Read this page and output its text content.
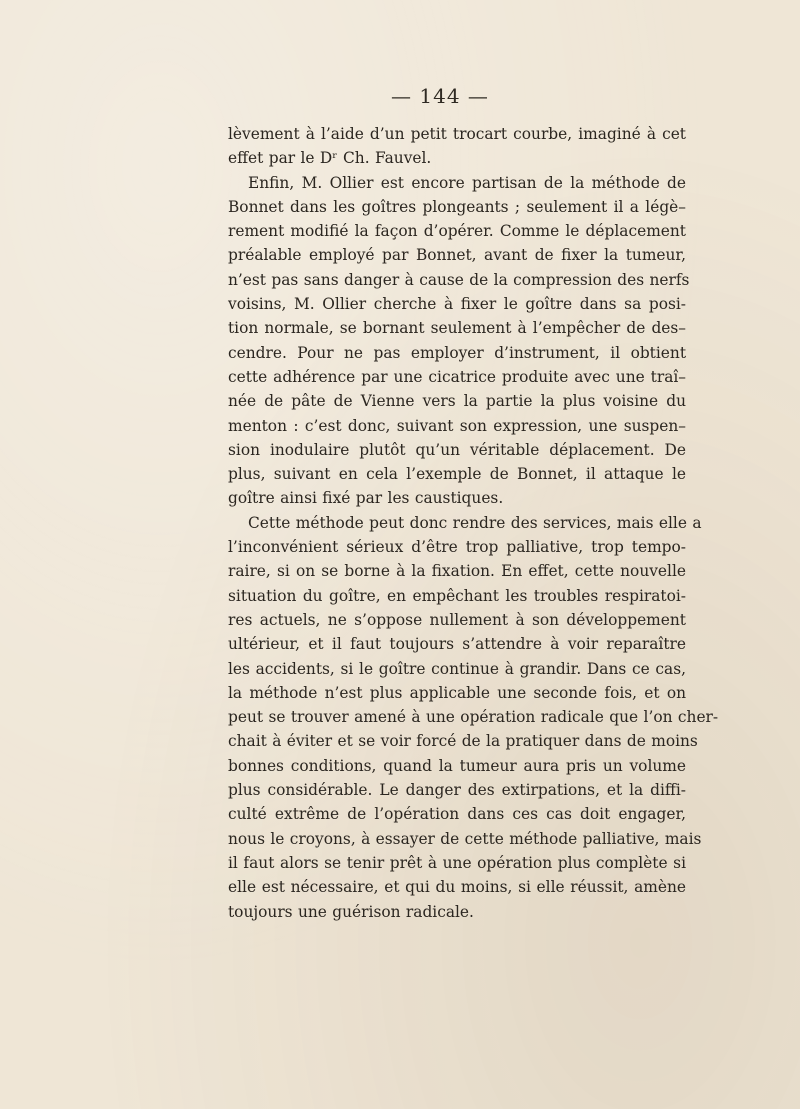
— 144 —
lèvement à l’aide d’un petit trocart courbe, imaginé à cet
effet par le Dʳ Ch. Fauvel.
Enfin, M. Ollier est encore partisan de la méthode de
Bonnet dans les goîtres plongeants ; seulement il a légè–
rement modifié la façon d’opérer. Comme le déplacement
préalable employé par Bonnet, avant de fixer la tumeur,
n’est pas sans danger à cause de la compression des nerfs
voisins, M. Ollier cherche à fixer le goître dans sa posi-
tion normale, se bornant seulement à l’empêcher de des–
cendre. Pour ne pas employer d’instrument, il obtient
cette adhérence par une cicatrice produite avec une traî–
née de pâte de Vienne vers la partie la plus voisine du
menton : c’est donc, suivant son expression, une suspen–
sion inodulaire plutôt qu’un véritable déplacement. De
plus, suivant en cela l’exemple de Bonnet, il attaque le
goître ainsi fixé par les caustiques.
Cette méthode peut donc rendre des services, mais elle a
l’inconvénient sérieux d’être trop palliative, trop tempo-
raire, si on se borne à la fixation. En effet, cette nouvelle
situation du goître, en empêchant les troubles respiratoi-
res actuels, ne s’oppose nullement à son développement
ultérieur, et il faut toujours s’attendre à voir reparaître
les accidents, si le goître continue à grandir. Dans ce cas,
la méthode n’est plus applicable une seconde fois, et on
peut se trouver amené à une opération radicale que l’on cher-
chait à éviter et se voir forcé de la pratiquer dans de moins
bonnes conditions, quand la tumeur aura pris un volume
plus considérable. Le danger des extirpations, et la diffi-
culté extrême de l’opération dans ces cas doit engager,
nous le croyons, à essayer de cette méthode palliative, mais
il faut alors se tenir prêt à une opération plus complète si
elle est nécessaire, et qui du moins, si elle réussit, amène
toujours une guérison radicale.
